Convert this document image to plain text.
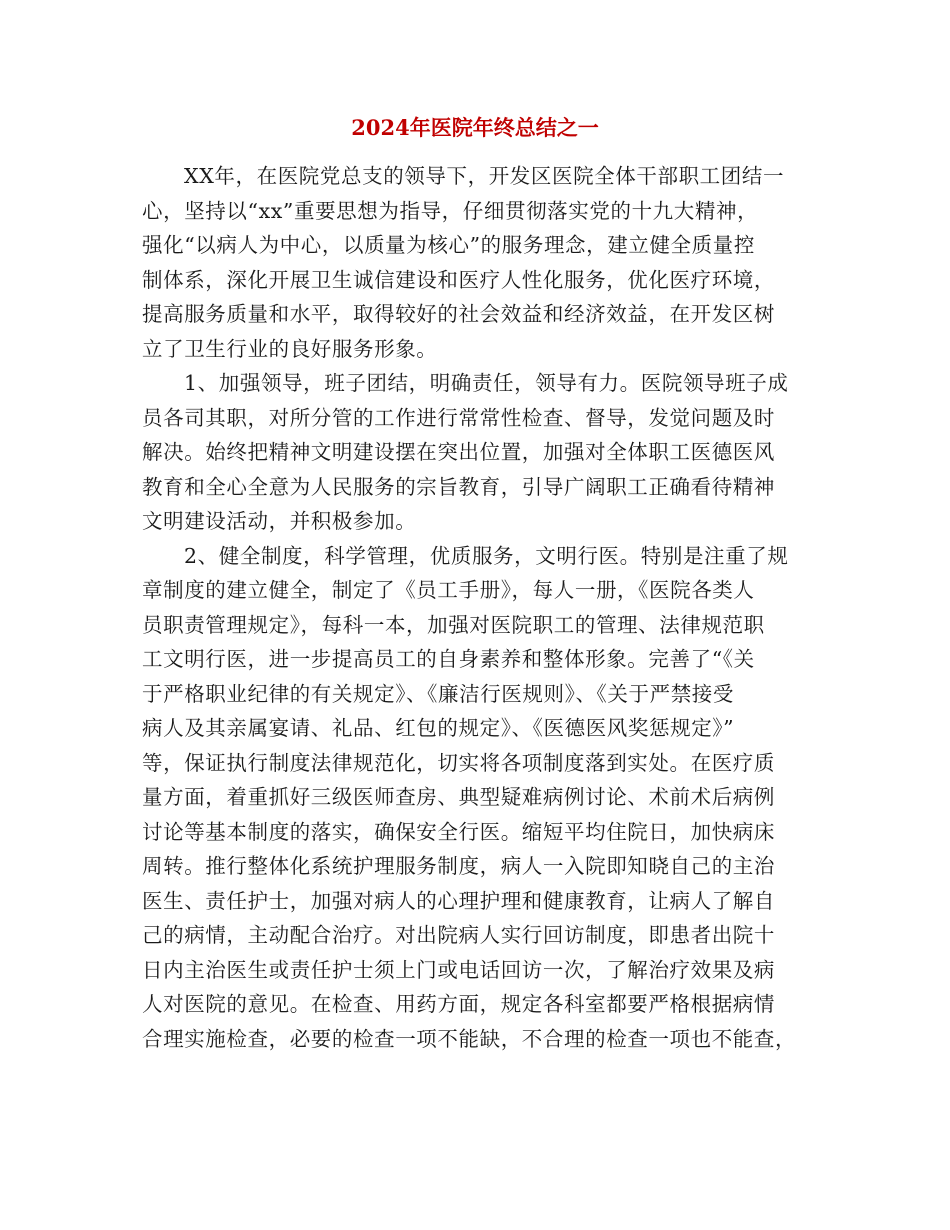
2024年医院年终总结之一
XX年，在医院党总支的领导下，开发区医院全体干部职工团结一
心，坚持以“xx”重要思想为指导，仔细贯彻落实党的十九大精神，
强化“以病人为中心，以质量为核心”的服务理念，建立健全质量控
制体系，深化开展卫生诚信建设和医疗人性化服务，优化医疗环境，
提高服务质量和水平，取得较好的社会效益和经济效益，在开发区树
立了卫生行业的良好服务形象。
1、加强领导，班子团结，明确责任，领导有力。医院领导班子成
员各司其职，对所分管的工作进行常常性检查、督导，发觉问题及时
解决。始终把精神文明建设摆在突出位置，加强对全体职工医德医风
教育和全心全意为人民服务的宗旨教育，引导广阔职工正确看待精神
文明建设活动，并积极参加。
2、健全制度，科学管理，优质服务，文明行医。特别是注重了规
章制度的建立健全，制定了《员工手册》，每人一册，《医院各类人
员职责管理规定》，每科一本，加强对医院职工的管理、法律规范职
工文明行医，进一步提高员工的自身素养和整体形象。完善了“《关
于严格职业纪律的有关规定》、《廉洁行医规则》、《关于严禁接受
病人及其亲属宴请、礼品、红包的规定》、《医德医风奖惩规定》”
等，保证执行制度法律规范化，切实将各项制度落到实处。在医疗质
量方面，着重抓好三级医师查房、典型疑难病例讨论、术前术后病例
讨论等基本制度的落实，确保安全行医。缩短平均住院日，加快病床
周转。推行整体化系统护理服务制度，病人一入院即知晓自己的主治
医生、责任护士，加强对病人的心理护理和健康教育，让病人了解自
己的病情，主动配合治疗。对出院病人实行回访制度，即患者出院十
日内主治医生或责任护士须上门或电话回访一次，了解治疗效果及病
人对医院的意见。在检查、用药方面，规定各科室都要严格根据病情
合理实施检查，必要的检查一项不能缺，不合理的检查一项也不能查，
